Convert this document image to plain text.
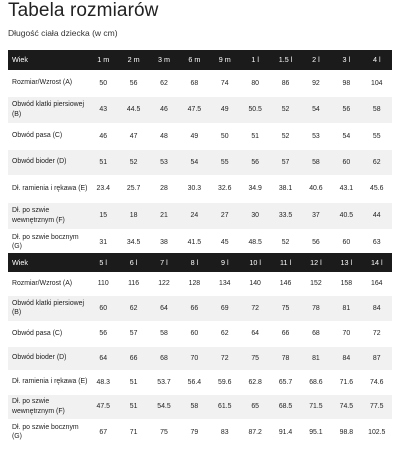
Tabela rozmiarów
Długość ciała dziecka (w cm)
Wiek	1 m	2 m	3 m	6 m	9 m	1 l	1.5 l	2 l	3 l	4 l
Rozmiar/Wzrost (A)	50	56	62	68	74	80	86	92	98	104
Obwód klatki piersiowej (B)	43	44.5	46	47.5	49	50.5	52	54	56	58
Obwód pasa (C)	46	47	48	49	50	51	52	53	54	55
Obwód bioder (D)	51	52	53	54	55	56	57	58	60	62
Dł. ramienia i rękawa (E)	23.4	25.7	28	30.3	32.6	34.9	38.1	40.6	43.1	45.6
Dł. po szwie wewnętrznym (F)	15	18	21	24	27	30	33.5	37	40.5	44
Dł. po szwie bocznym (G)	31	34.5	38	41.5	45	48.5	52	56	60	63
Wiek	5 l	6 l	7 l	8 l	9 l	10 l	11 l	12 l	13 l	14 l
Rozmiar/Wzrost (A)	110	116	122	128	134	140	146	152	158	164
Obwód klatki piersiowej (B)	60	62	64	66	69	72	75	78	81	84
Obwód pasa (C)	56	57	58	60	62	64	66	68	70	72
Obwód bioder (D)	64	66	68	70	72	75	78	81	84	87
Dł. ramienia i rękawa (E)	48.3	51	53.7	56.4	59.6	62.8	65.7	68.6	71.6	74.6
Dł. po szwie wewnętrznym (F)	47.5	51	54.5	58	61.5	65	68.5	71.5	74.5	77.5
Dł. po szwie bocznym (G)	67	71	75	79	83	87.2	91.4	95.1	98.8	102.5
